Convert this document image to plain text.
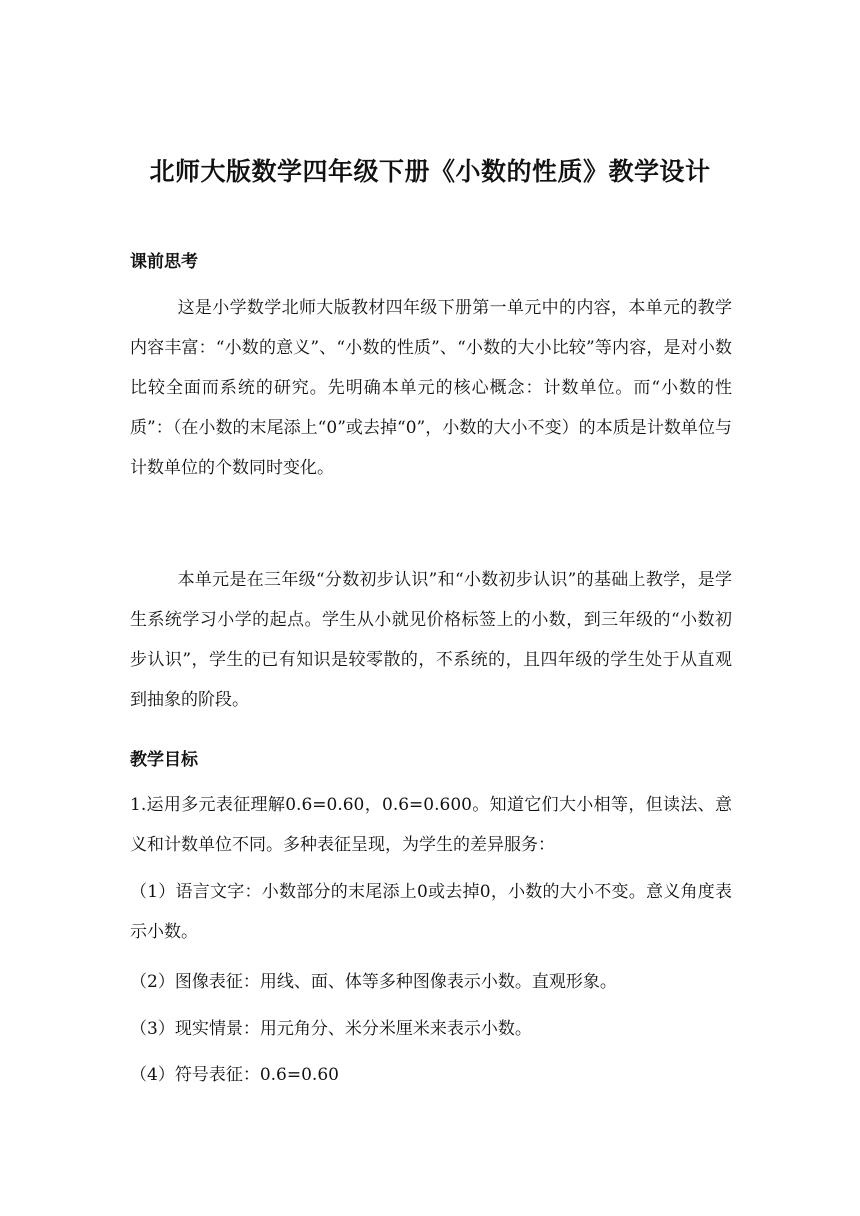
北师大版数学四年级下册《小数的性质》教学设计
课前思考

这是小学数学北师大版教材四年级下册第一单元中的内容，本单元的教学内容丰富：“小数的意义”、“小数的性质”、“小数的大小比较”等内容，是对小数比较全面而系统的研究。先明确本单元的核心概念：计数单位。而“小数的性质”：（在小数的末尾添上“0”或去掉“0”，小数的大小不变）的本质是计数单位与计数单位的个数同时变化。

本单元是在三年级“分数初步认识”和“小数初步认识”的基础上教学，是学生系统学习小学的起点。学生从小就见价格标签上的小数，到三年级的“小数初步认识”，学生的已有知识是较零散的，不系统的，且四年级的学生处于从直观到抽象的阶段。

教学目标

1.运用多元表征理解0.6=0.60，0.6=0.600。知道它们大小相等，但读法、意义和计数单位不同。多种表征呈现，为学生的差异服务：

（1）语言文字：小数部分的末尾添上0或去掉0，小数的大小不变。意义角度表示小数。

（2）图像表征：用线、面、体等多种图像表示小数。直观形象。

（3）现实情景：用元角分、米分米厘米来表示小数。

（4）符号表征：0.6=0.60
